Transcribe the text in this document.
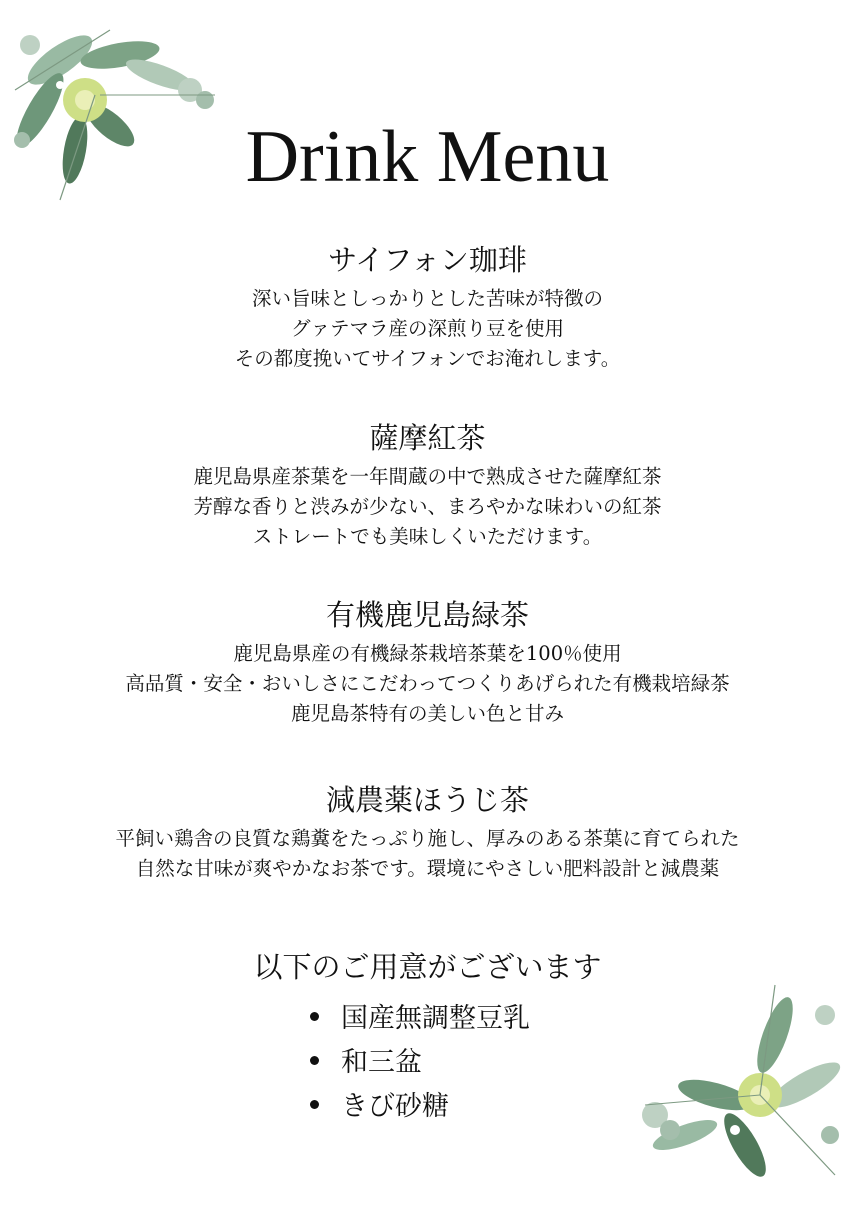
Drink Menu
サイフォン珈琲

深い旨味としっかりとした苦味が特徴の
グァテマラ産の深煎り豆を使用
その都度挽いてサイフォンでお淹れします。

薩摩紅茶

鹿児島県産茶葉を一年間蔵の中で熟成させた薩摩紅茶
芳醇な香りと渋みが少ない、まろやかな味わいの紅茶
ストレートでも美味しくいただけます。

有機鹿児島緑茶

鹿児島県産の有機緑茶栽培茶葉を100％使用
高品質・安全・おいしさにこだわってつくりあげられた有機栽培緑茶
鹿児島茶特有の美しい色と甘み

減農薬ほうじ茶

平飼い鶏舎の良質な鶏糞をたっぷり施し、厚みのある茶葉に育てられた
自然な甘味が爽やかなお茶です。環境にやさしい肥料設計と減農薬

以下のご用意がございます
国産無調整豆乳
和三盆
きび砂糖
